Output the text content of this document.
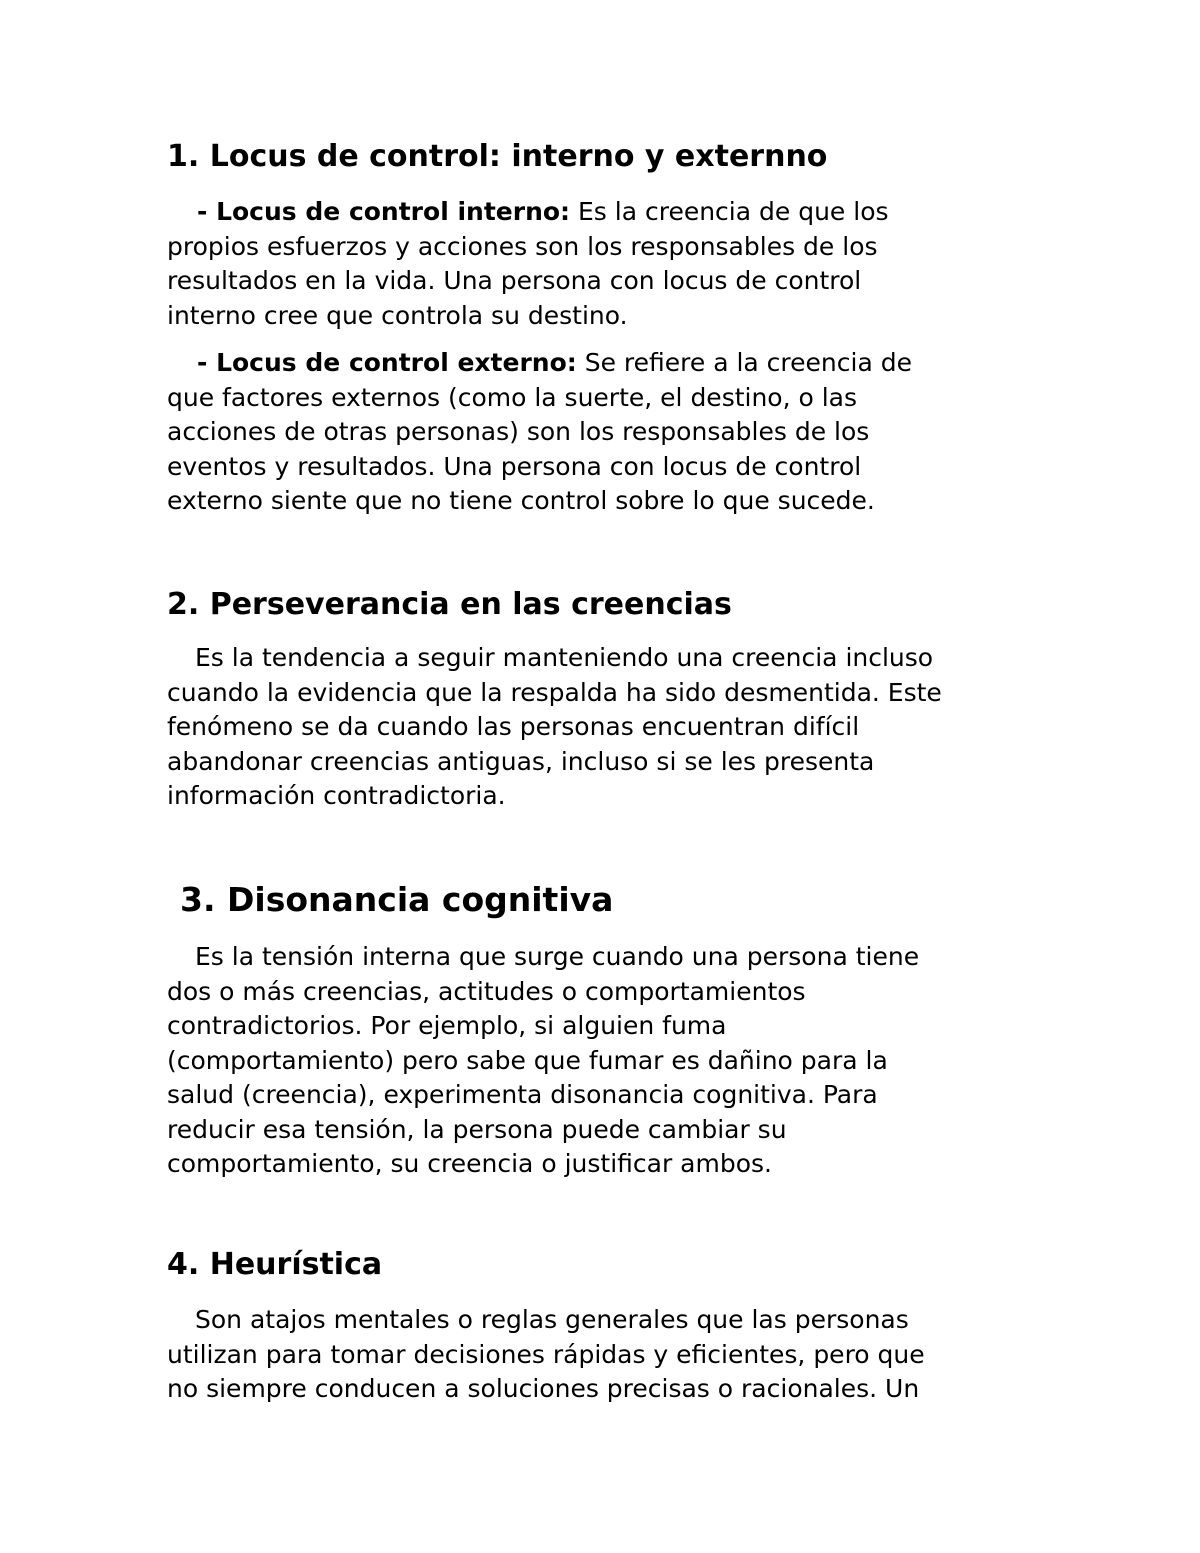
1. Locus de control: interno y externno

- Locus de control interno: Es la creencia de que los
propios esfuerzos y acciones son los responsables de los
resultados en la vida. Una persona con locus de control
interno cree que controla su destino.

- Locus de control externo: Se refiere a la creencia de
que factores externos (como la suerte, el destino, o las
acciones de otras personas) son los responsables de los
eventos y resultados. Una persona con locus de control
externo siente que no tiene control sobre lo que sucede.

2. Perseverancia en las creencias

Es la tendencia a seguir manteniendo una creencia incluso
cuando la evidencia que la respalda ha sido desmentida. Este
fenómeno se da cuando las personas encuentran difícil
abandonar creencias antiguas, incluso si se les presenta
información contradictoria.

3. Disonancia cognitiva

Es la tensión interna que surge cuando una persona tiene
dos o más creencias, actitudes o comportamientos
contradictorios. Por ejemplo, si alguien fuma
(comportamiento) pero sabe que fumar es dañino para la
salud (creencia), experimenta disonancia cognitiva. Para
reducir esa tensión, la persona puede cambiar su
comportamiento, su creencia o justificar ambos.

4. Heurística

Son atajos mentales o reglas generales que las personas
utilizan para tomar decisiones rápidas y eficientes, pero que
no siempre conducen a soluciones precisas o racionales. Un
